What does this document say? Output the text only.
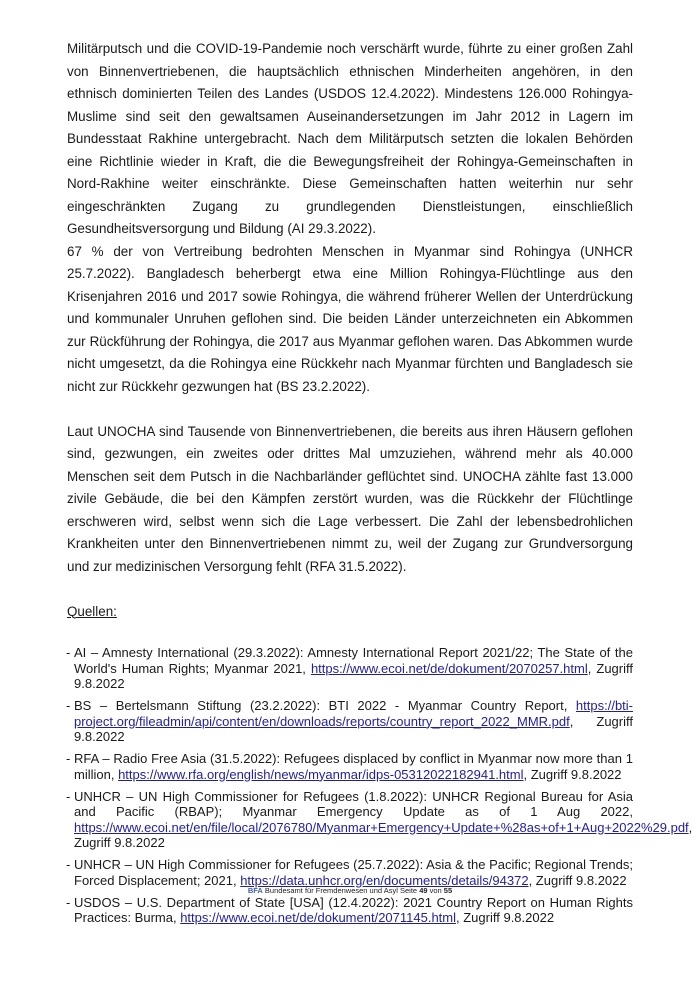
Militärputsch und die COVID-19-Pandemie noch verschärft wurde, führte zu einer großen Zahl von Binnenvertriebenen, die hauptsächlich ethnischen Minderheiten angehören, in den ethnisch dominierten Teilen des Landes (USDOS 12.4.2022). Mindestens 126.000 Rohingya-Muslime sind seit den gewaltsamen Auseinandersetzungen im Jahr 2012 in Lagern im Bundesstaat Rakhine untergebracht. Nach dem Militärputsch setzten die lokalen Behörden eine Richtlinie wieder in Kraft, die die Bewegungsfreiheit der Rohingya-Gemeinschaften in Nord-Rakhine weiter einschränkte. Diese Gemeinschaften hatten weiterhin nur sehr eingeschränkten Zugang zu grundlegenden Dienstleistungen, einschließlich Gesundheitsversorgung und Bildung (AI 29.3.2022).

67 % der von Vertreibung bedrohten Menschen in Myanmar sind Rohingya (UNHCR 25.7.2022). Bangladesch beherbergt etwa eine Million Rohingya-Flüchtlinge aus den Krisenjahren 2016 und 2017 sowie Rohingya, die während früherer Wellen der Unterdrückung und kommunaler Unruhen geflohen sind. Die beiden Länder unterzeichneten ein Abkommen zur Rückführung der Rohingya, die 2017 aus Myanmar geflohen waren. Das Abkommen wurde nicht umgesetzt, da die Rohingya eine Rückkehr nach Myanmar fürchten und Bangladesch sie nicht zur Rückkehr gezwungen hat (BS 23.2.2022).

Laut UNOCHA sind Tausende von Binnenvertriebenen, die bereits aus ihren Häusern geflohen sind, gezwungen, ein zweites oder drittes Mal umzuziehen, während mehr als 40.000 Menschen seit dem Putsch in die Nachbarländer geflüchtet sind. UNOCHA zählte fast 13.000 zivile Gebäude, die bei den Kämpfen zerstört wurden, was die Rückkehr der Flüchtlinge erschweren wird, selbst wenn sich die Lage verbessert. Die Zahl der lebensbedrohlichen Krankheiten unter den Binnenvertriebenen nimmt zu, weil der Zugang zur Grundversorgung und zur medizinischen Versorgung fehlt (RFA 31.5.2022).

Quellen:

- AI – Amnesty International (29.3.2022): Amnesty International Report 2021/22; The State of the World's Human Rights; Myanmar 2021, https://www.ecoi.net/de/dokument/2070257.html, Zugriff 9.8.2022
- BS – Bertelsmann Stiftung (23.2.2022): BTI 2022 - Myanmar Country Report, https://bti-project.org/fileadmin/api/content/en/downloads/reports/country_report_2022_MMR.pdf, Zugriff 9.8.2022
- RFA – Radio Free Asia (31.5.2022): Refugees displaced by conflict in Myanmar now more than 1 million, https://www.rfa.org/english/news/myanmar/idps-05312022182941.html, Zugriff 9.8.2022
- UNHCR – UN High Commissioner for Refugees (1.8.2022): UNHCR Regional Bureau for Asia and Pacific (RBAP); Myanmar Emergency Update as of 1 Aug 2022, https://www.ecoi.net/en/file/local/2076780/Myanmar+Emergency+Update+%28as+of+1+Aug+2022%29.pdf, Zugriff 9.8.2022
- UNHCR – UN High Commissioner for Refugees (25.7.2022): Asia & the Pacific; Regional Trends; Forced Displacement; 2021, https://data.unhcr.org/en/documents/details/94372, Zugriff 9.8.2022
- USDOS – U.S. Department of State [USA] (12.4.2022): 2021 Country Report on Human Rights Practices: Burma, https://www.ecoi.net/de/dokument/2071145.html, Zugriff 9.8.2022
BFA Bundesamt für Fremdenwesen und Asyl Seite 49 von 55
